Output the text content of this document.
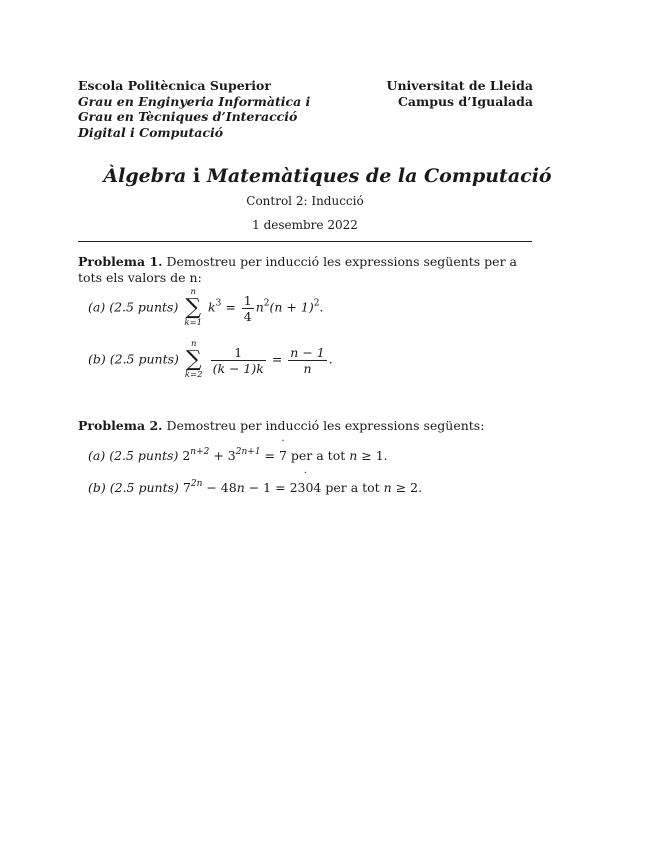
Escola Politècnica Superior
Grau en Enginyeria Informàtica i
Grau en Tècniques d’Interacció
Digital i Computació
Universitat de Lleida
Campus d’Igualada
Àlgebra i Matemàtiques de la Computació
Control 2: Inducció
1 desembre 2022
Problema 1. Demostreu per inducció les expressions següents per a tots els valors de n:
(a) (2.5 punts)
n
∑
k=1
$k^3 = \frac{1}{4} n^2(n + 1)^2$.
(b) (2.5 punts)
n
∑
k=2
$\frac{1}{(k - 1)k} = \frac{n - 1}{n}$ .
Problema 2. Demostreu per inducció les expressions següents:
(a) (2.5 punts) $2^{n+2} + 3^{2n+1}$ = ˙ 7 per a tot n ≥ 1.
(b) (2.5 punts) $7^{2n} - 48n - 1$ = ˙ 2304 per a tot n ≥ 2.
